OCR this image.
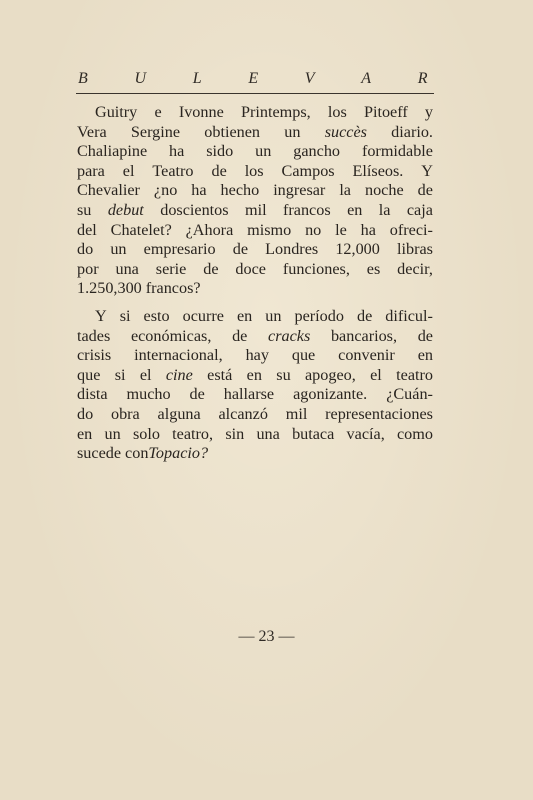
B	U	L	E	V	A	R
Guitry e Ivonne Printemps, los Pitoeff y
Vera Sergine obtienen un succès diario.
Chaliapine ha sido un gancho formidable
para el Teatro de los Campos Elíseos. Y
Chevalier ¿no ha hecho ingresar la noche de
su debut doscientos mil francos en la caja
del Chatelet? ¿Ahora mismo no le ha ofreci-
do un empresario de Londres 12,000 libras
por una serie de doce funciones, es decir,
1.250,300 francos?
Y si esto ocurre en un período de dificul-
tades económicas, de cracks bancarios, de
crisis internacional, hay que convenir en
que si el cine está en su apogeo, el teatro
dista mucho de hallarse agonizante. ¿Cuán-
do obra alguna alcanzó mil representaciones
en un solo teatro, sin una butaca vacía, como
sucede con Topacio?
— 23 —
